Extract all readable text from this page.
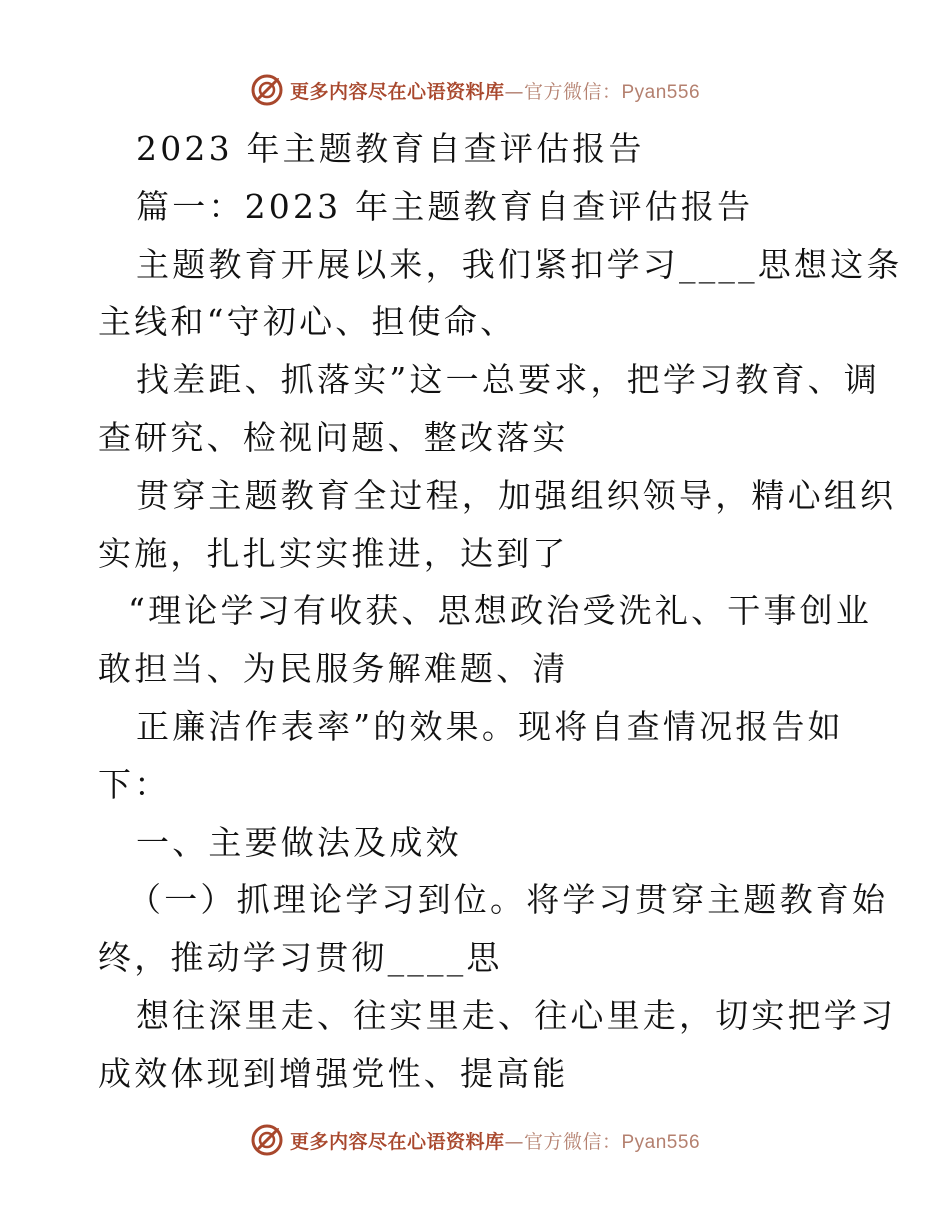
更多内容尽在心语资料库—官方微信：Pyan556
2023 年主题教育自查评估报告
篇一：2023 年主题教育自查评估报告
主题教育开展以来，我们紧扣学习____思想这条
主线和“守初心、担使命、
找差距、抓落实”这一总要求，把学习教育、调
查研究、检视问题、整改落实
贯穿主题教育全过程，加强组织领导，精心组织
实施，扎扎实实推进，达到了
“理论学习有收获、思想政治受洗礼、干事创业
敢担当、为民服务解难题、清
正廉洁作表率”的效果。现将自查情况报告如
下：
一、主要做法及成效
（一）抓理论学习到位。将学习贯穿主题教育始
终，推动学习贯彻____思
想往深里走、往实里走、往心里走，切实把学习
成效体现到增强党性、提高能
更多内容尽在心语资料库—官方微信：Pyan556
